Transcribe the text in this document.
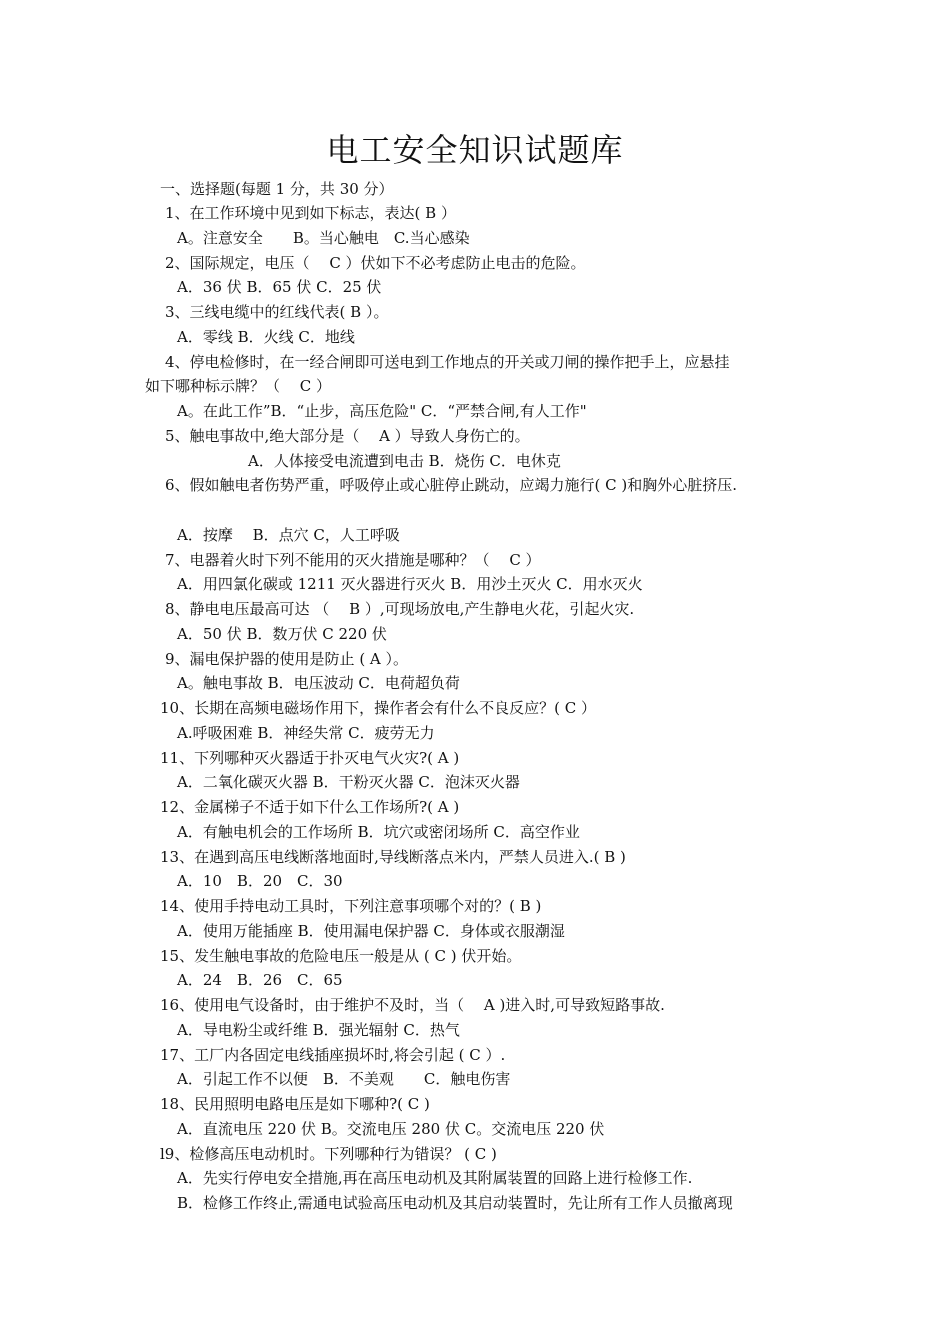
电工安全知识试题库
一、选择题(每题 1 分，共 30 分）
1、在工作环境中见到如下标志，表达( B ）
A。注意安全　　B。当心触电　C.当心感染
2、国际规定，电压（　 C ）伏如下不必考虑防止电击的危险。
A．36 伏 B．65 伏 C．25 伏
3、三线电缆中的红线代表( B ）。
A．零线 B．火线 C．地线
4、停电检修时，在一经合闸即可送电到工作地点的开关或刀闸的操作把手上，应悬挂
如下哪种标示牌？（　 C ）
A。在此工作”B．“止步，高压危险" C．“严禁合闸,有人工作"
5、触电事故中,绝大部分是（　 A ）导致人身伤亡的。
A．人体接受电流遭到电击 B．烧伤 C．电休克
6、假如触电者伤势严重，呼吸停止或心脏停止跳动，应竭力施行( C )和胸外心脏挤压.
A．按摩　 B．点穴 C，人工呼吸
7、电器着火时下列不能用的灭火措施是哪种？（　 C ）
A．用四氯化碳或 1211 灭火器进行灭火 B．用沙土灭火 C．用水灭火
8、静电电压最高可达 （　 B ）,可现场放电,产生静电火花，引起火灾.
A．50 伏 B．数万伏 C 220 伏
9、漏电保护器的使用是防止 ( A ）。
A。触电事故 B．电压波动 C．电荷超负荷
10、长期在高频电磁场作用下，操作者会有什么不良反应？( C ）
A.呼吸困难 B．神经失常 C．疲劳无力
11、下列哪种灭火器适于扑灭电气火灾?( A )
A．二氧化碳灭火器 B．干粉灭火器 C．泡沫灭火器
12、金属梯子不适于如下什么工作场所?( A )
A．有触电机会的工作场所 B．坑穴或密闭场所 C．高空作业
13、在遇到高压电线断落地面时,导线断落点米内，严禁人员进入.( B )
A．10　B．20　C．30
14、使用手持电动工具时，下列注意事项哪个对的？( B )
A．使用万能插座 B．使用漏电保护器 C．身体或衣服潮湿
15、发生触电事故的危险电压一般是从 ( C ) 伏开始。
A．24　B．26　C．65
16、使用电气设备时，由于维护不及时，当（　 A )进入时,可导致短路事故.
A．导电粉尘或纤维 B．强光辐射 C．热气
17、工厂内各固定电线插座损坏时,将会引起 ( C ）.
A．引起工作不以便　B．不美观　　C．触电伤害
18、民用照明电路电压是如下哪种?( C )
A．直流电压 220 伏 B。交流电压 280 伏 C。交流电压 220 伏
l9、检修高压电动机时。下列哪种行为错误？ ( C )
A．先实行停电安全措施,再在高压电动机及其附属装置的回路上进行检修工作.
B．检修工作终止,需通电试验高压电动机及其启动装置时，先让所有工作人员撤离现
